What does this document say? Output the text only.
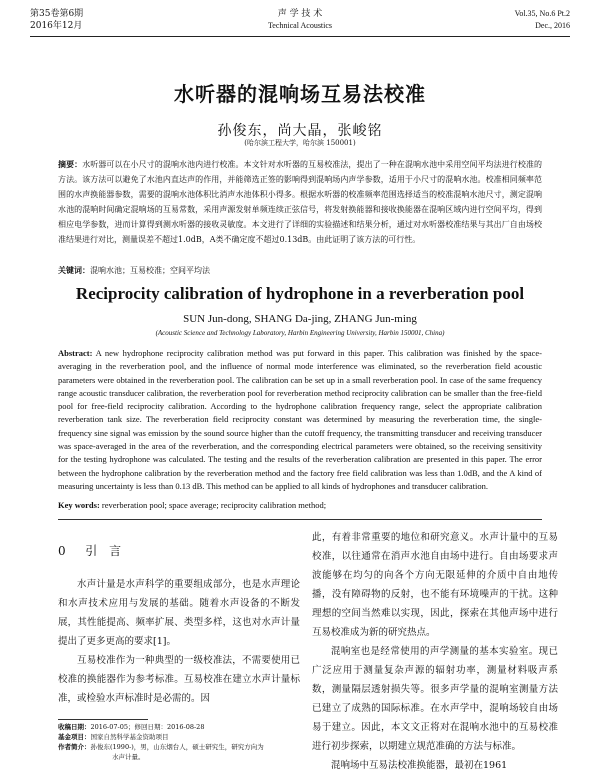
第35卷第6期
2016年12月
声 学 技 术
Technical Acoustics
Vol.35, No.6 Pt.2
Dec., 2016
水听器的混响场互易法校准
孙俊东，尚大晶，张峻铭
(哈尔滨工程大学，哈尔滨 150001)
摘要：水听器可以在小尺寸的混响水池内进行校准。本文针对水听器的互易校准法，提出了一种在混响水池中采用空间平均法进行校准的方法。该方法可以避免了水池内直达声的作用，并能筛选正签的影响得到混响场内声学参数，适用于小尺寸的混响水池。校准相同频率范围的水声换能器参数，需要的混响水池体积比消声水池体积小得多。根据水听器的校准频率范围选择适当的校准混响水池尺寸，测定混响水池的混响时间确定混响场的互易常数，采用声源发射单频连续正弦信号，将发射换能器和接收换能器在混响区域内进行空间平均，得到相应电学参数，进而计算得到测水听器的接收灵敏度。本文进行了详细的实验描述和结果分析，通过对水听器校准结果与其出厂自由场校准结果进行对比，测量误差不超过1.0dB，A类不确定度不超过0.13dB。由此证明了该方法的可行性。
关键词：混响水池；互易校准；空间平均法
Reciprocity calibration of hydrophone in a reverberation pool
SUN Jun-dong, SHANG Da-jing, ZHANG Jun-ming
(Acoustic Science and Technology Laboratory, Harbin Engineering University, Harbin 150001, China)
Abstract: A new hydrophone reciprocity calibration method was put forward in this paper. This calibration was finished by the space-averaging in the reverberation pool, and the influence of normal mode interference was eliminated, so the reverberation field acoustic parameters were obtained in the reverberation pool. The calibration can be set up in a small reverberation pool. In case of the same frequency range acoustic transducer calibration, the reverberation pool for reverberation method reciprocity calibration can be smaller than the free-field pool for free-field reciprocity calibration. According to the hydrophone calibration frequency range, select the appropriate calibration reverberation tank size. The reverberation field reciprocity constant was determined by measuring the reverberation time, the single-frequency sine signal was emission by the sound source higher than the cutoff frequency, the transmitting transducer and receiving transducer was space-averaged in the area of the reverberation, and the corresponding electrical parameters were obtained, so the receiving sensitivity for the testing hydrophone was calculated. The testing and the results of the reverberation calibration are presented in this paper. The error between the hydrophone calibration by the reverberation method and the factory free field calibration was less than 1.0dB, and the A kind of measuring uncertainty is less than 0.13 dB. This method can be applied to all kinds of hydrophones and transducer calibration.
Key words: reverberation pool; space average; reciprocity calibration method;
0 引 言

水声计量是水声科学的重要组成部分，也是水声理论和水声技术应用与发展的基础。随着水声设备的不断发展，其性能提高、频率扩展、类型多样，这也对水声计量提出了更多更高的要求[1]。

互易校准作为一种典型的一级校准法，不需要使用已校准的换能器作为参考标准。互易校准在建立水声计量标准，或检验水声标准时是必需的。因

此，有着非常重要的地位和研究意义。水声计量中的互易校准，以往通常在消声水池自由场中进行。自由场要求声波能够在均匀的向各个方向无限延伸的介质中自由地传播，没有障碍物的反射，也不能有环境噪声的干扰。这种理想的空间当然难以实现，因此，探索在其他声场中进行互易校准成为新的研究热点。

混响室也是经常使用的声学测量的基本实验室。现已广泛应用于测量复杂声源的辐射功率，测量材料吸声系数，测量隔层透射损失等。很多声学量的混响室测量方法已建立了成熟的国际标准。在水声学中，混响场较自由场易于建立。因此，本文文正将对在混响水池中的互易校准进行初步探索，以期建立规范准确的方法与标准。

混响场中互易法校准换能器，最初在1961

收稿日期：2016-07-05；修回日期：2016-08-28
基金项目：国家自然科学基金资助项目
作者简介：孙俊东(1990-)，男，山东烟台人，硕士研究生，研究方向为
水声计量。
